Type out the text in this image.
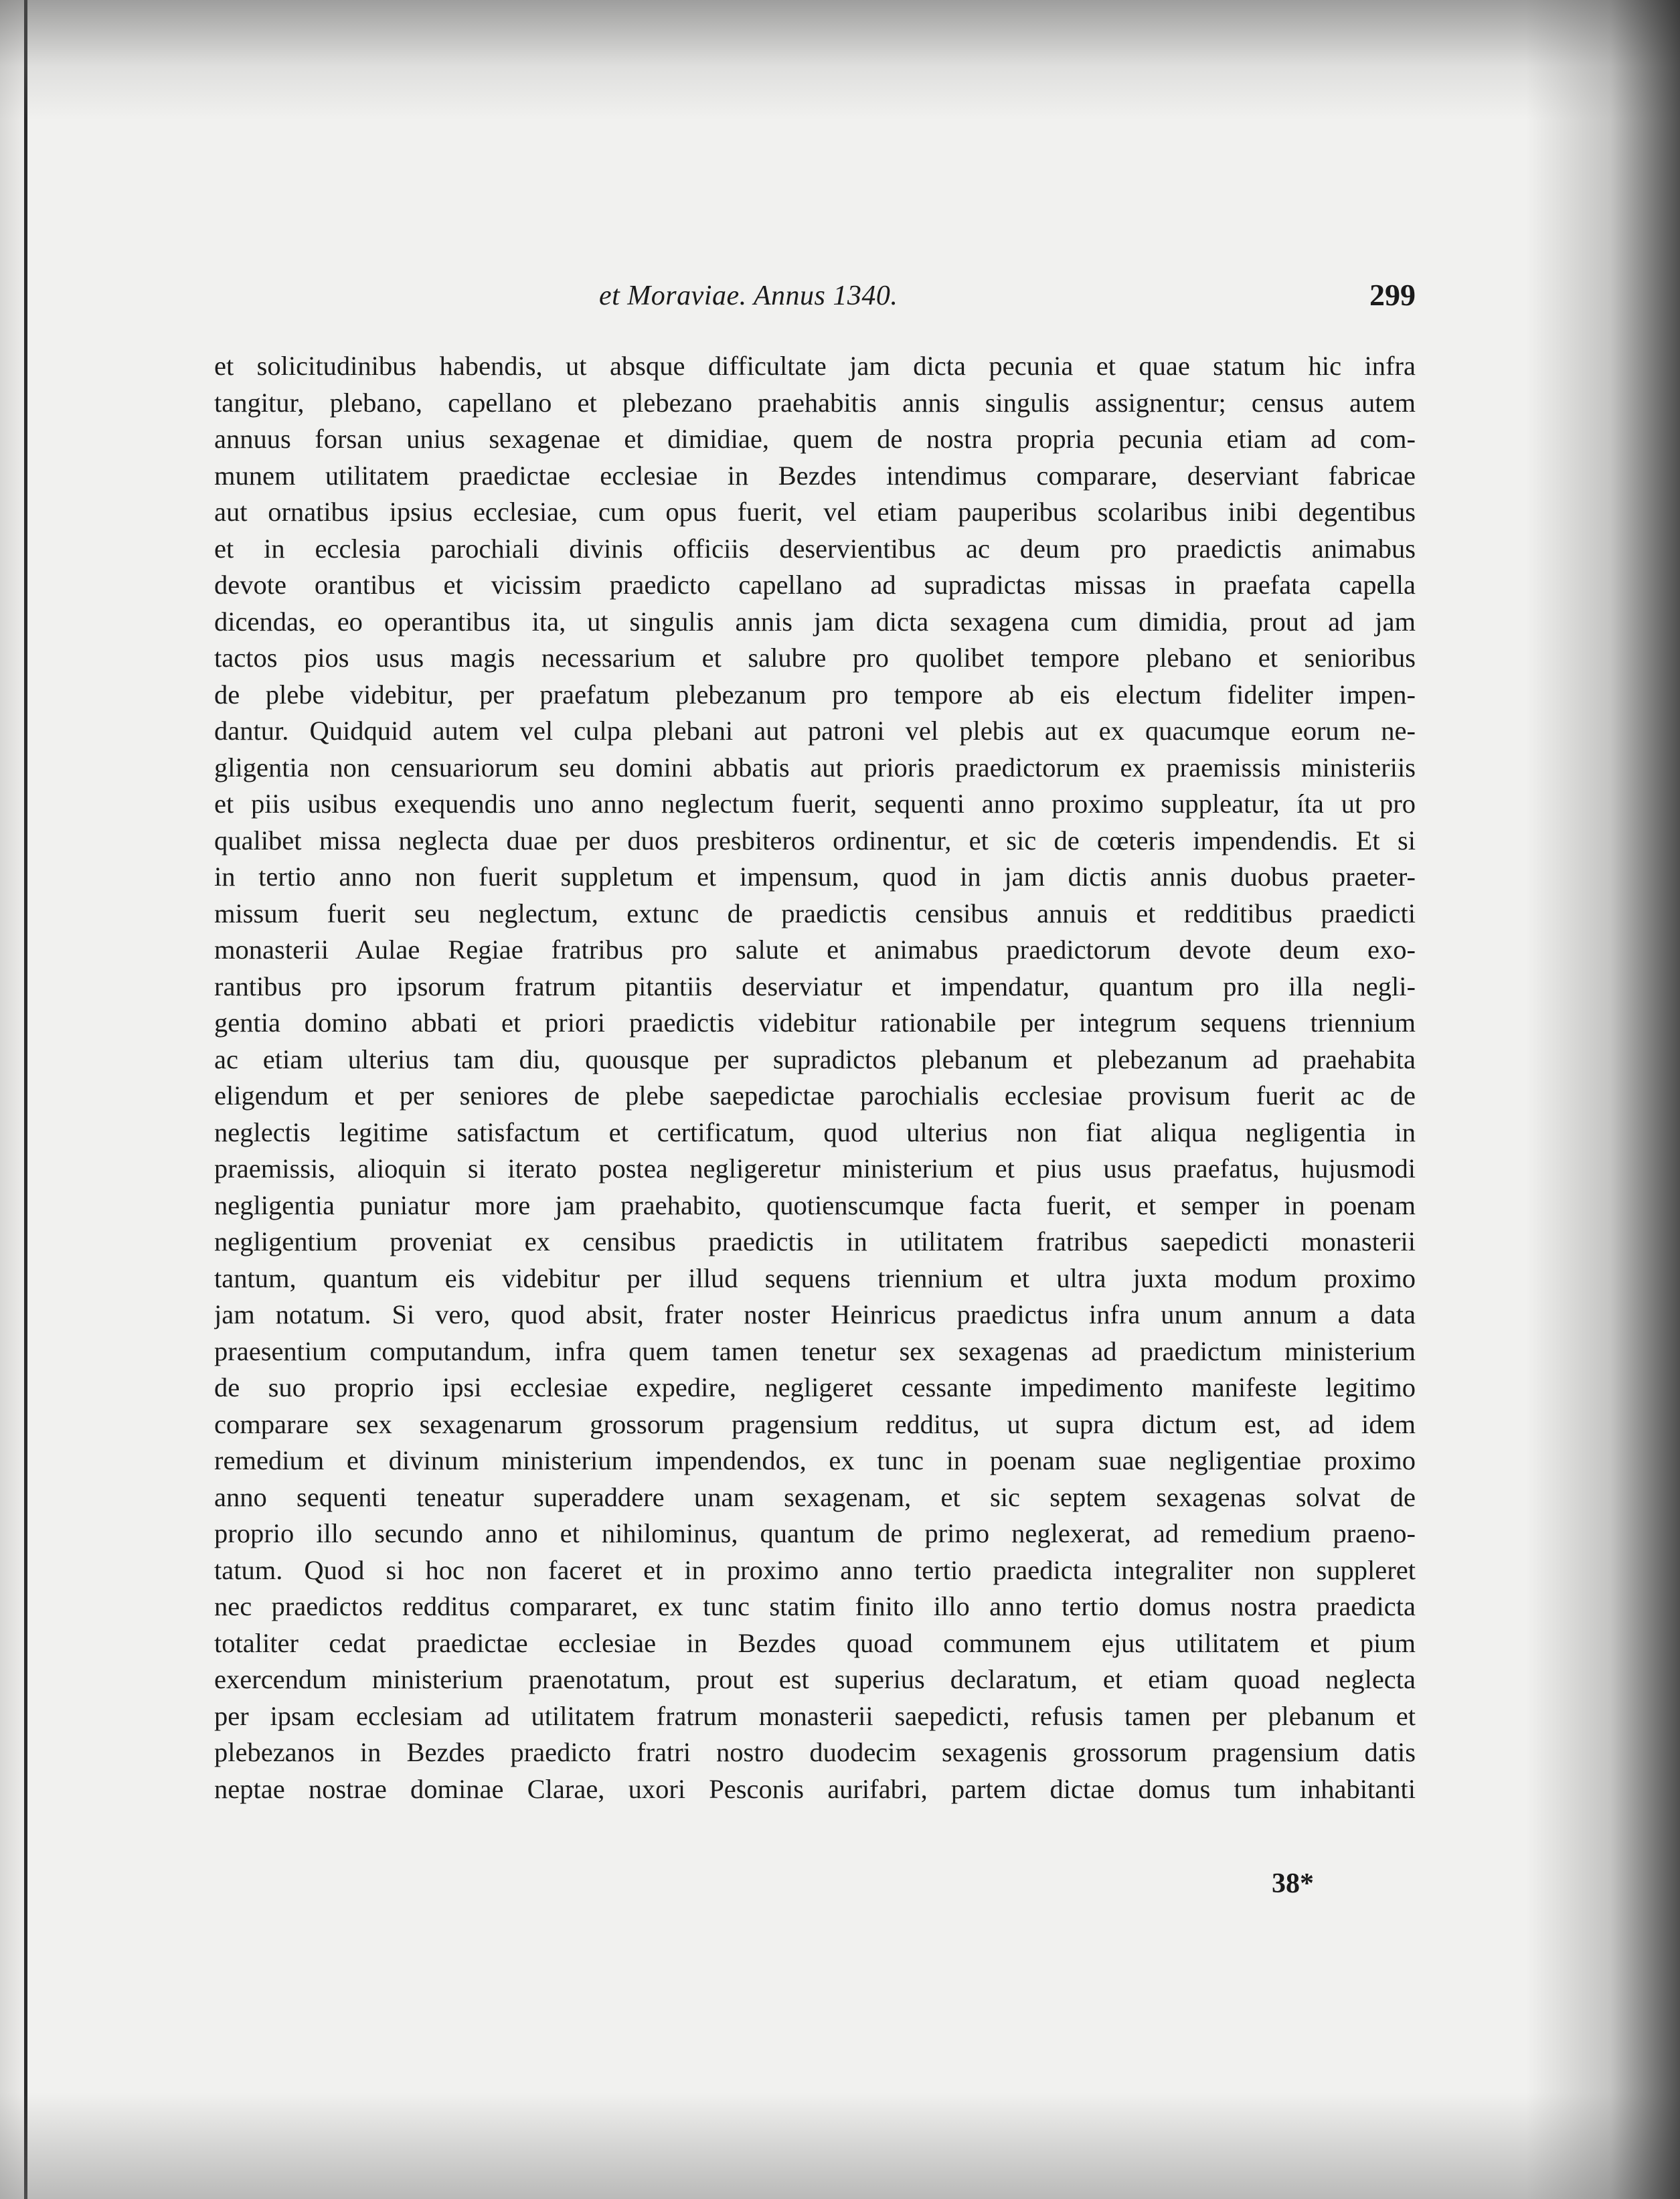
et Moraviae. Annus 1340.	299
et solicitudinibus habendis, ut absque difficultate jam dicta pecunia et quae statum hic infra
tangitur, plebano, capellano et plebezano praehabitis annis singulis assignentur; census autem
annuus forsan unius sexagenae et dimidiae, quem de nostra propria pecunia etiam ad com-
munem utilitatem praedictae ecclesiae in Bezdes intendimus comparare, deserviant fabricae
aut ornatibus ipsius ecclesiae, cum opus fuerit, vel etiam pauperibus scolaribus inibi degentibus
et in ecclesia parochiali divinis officiis deservientibus ac deum pro praedictis animabus
devote orantibus et vicissim praedicto capellano ad supradictas missas in praefata capella
dicendas, eo operantibus ita, ut singulis annis jam dicta sexagena cum dimidia, prout ad jam
tactos pios usus magis necessarium et salubre pro quolibet tempore plebano et senioribus
de plebe videbitur, per praefatum plebezanum pro tempore ab eis electum fideliter impen-
dantur. Quidquid autem vel culpa plebani aut patroni vel plebis aut ex quacumque eorum ne-
gligentia non censuariorum seu domini abbatis aut prioris praedictorum ex praemissis ministeriis
et piis usibus exequendis uno anno neglectum fuerit, sequenti anno proximo suppleatur, íta ut pro
qualibet missa neglecta duae per duos presbiteros ordinentur, et sic de cœteris impendendis. Et si
in tertio anno non fuerit suppletum et impensum, quod in jam dictis annis duobus praeter-
missum fuerit seu neglectum, extunc de praedictis censibus annuis et redditibus praedicti
monasterii Aulae Regiae fratribus pro salute et animabus praedictorum devote deum exo-
rantibus pro ipsorum fratrum pitantiis deserviatur et impendatur, quantum pro illa negli-
gentia domino abbati et priori praedictis videbitur rationabile per integrum sequens triennium
ac etiam ulterius tam diu, quousque per supradictos plebanum et plebezanum ad praehabita
eligendum et per seniores de plebe saepedictae parochialis ecclesiae provisum fuerit ac de
neglectis legitime satisfactum et certificatum, quod ulterius non fiat aliqua negligentia in
praemissis, alioquin si iterato postea negligeretur ministerium et pius usus praefatus, hujusmodi
negligentia puniatur more jam praehabito, quotienscumque facta fuerit, et semper in poenam
negligentium proveniat ex censibus praedictis in utilitatem fratribus saepedicti monasterii
tantum, quantum eis videbitur per illud sequens triennium et ultra juxta modum proximo
jam notatum. Si vero, quod absit, frater noster Heinricus praedictus infra unum annum a data
praesentium computandum, infra quem tamen tenetur sex sexagenas ad praedictum ministerium
de suo proprio ipsi ecclesiae expedire, negligeret cessante impedimento manifeste legitimo
comparare sex sexagenarum grossorum pragensium redditus, ut supra dictum est, ad idem
remedium et divinum ministerium impendendos, ex tunc in poenam suae negligentiae proximo
anno sequenti teneatur superaddere unam sexagenam, et sic septem sexagenas solvat de
proprio illo secundo anno et nihilominus, quantum de primo neglexerat, ad remedium praeno-
tatum. Quod si hoc non faceret et in proximo anno tertio praedicta integraliter non suppleret
nec praedictos redditus compararet, ex tunc statim finito illo anno tertio domus nostra praedicta
totaliter cedat praedictae ecclesiae in Bezdes quoad communem ejus utilitatem et pium
exercendum ministerium praenotatum, prout est superius declaratum, et etiam quoad neglecta
per ipsam ecclesiam ad utilitatem fratrum monasterii saepedicti, refusis tamen per plebanum et
plebezanos in Bezdes praedicto fratri nostro duodecim sexagenis grossorum pragensium datis
neptae nostrae dominae Clarae, uxori Pesconis aurifabri, partem dictae domus tum inhabitanti
38*
